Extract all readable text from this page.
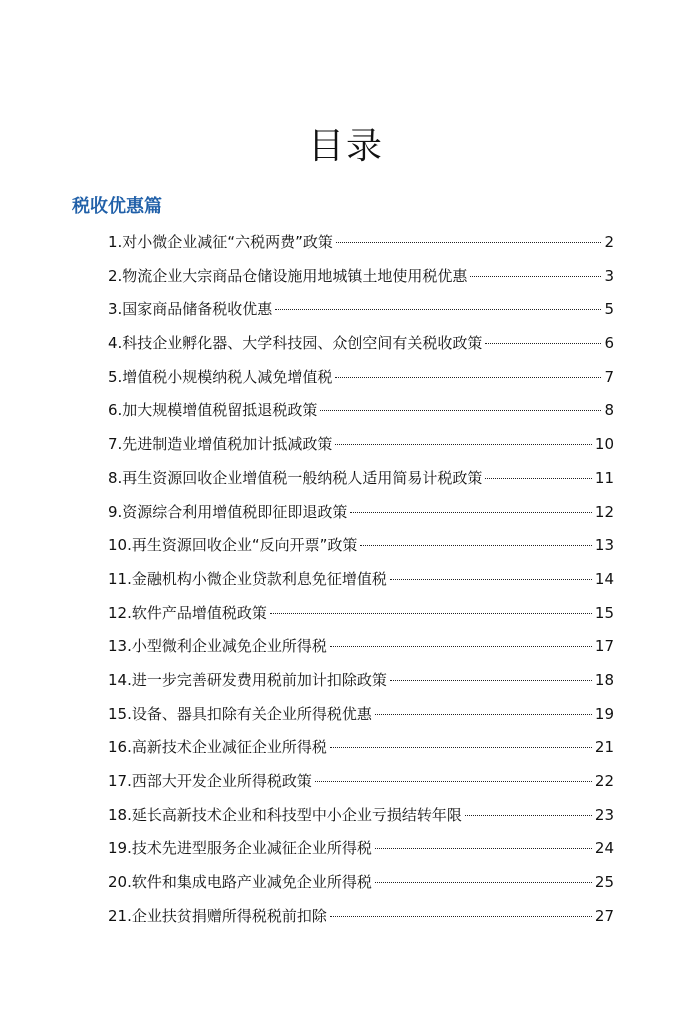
目录
税收优惠篇
1.对小微企业减征“六税两费”政策	2
2.物流企业大宗商品仓储设施用地城镇土地使用税优惠	3
3.国家商品储备税收优惠	5
4.科技企业孵化器、大学科技园、众创空间有关税收政策	6
5.增值税小规模纳税人减免增值税	7
6.加大规模增值税留抵退税政策	8
7.先进制造业增值税加计抵减政策	10
8.再生资源回收企业增值税一般纳税人适用简易计税政策	11
9.资源综合利用增值税即征即退政策	12
10.再生资源回收企业“反向开票”政策	13
11.金融机构小微企业贷款利息免征增值税	14
12.软件产品增值税政策	15
13.小型微利企业减免企业所得税	17
14.进一步完善研发费用税前加计扣除政策	18
15.设备、器具扣除有关企业所得税优惠	19
16.高新技术企业减征企业所得税	21
17.西部大开发企业所得税政策	22
18.延长高新技术企业和科技型中小企业亏损结转年限	23
19.技术先进型服务企业减征企业所得税	24
20.软件和集成电路产业减免企业所得税	25
21.企业扶贫捐赠所得税税前扣除	27
